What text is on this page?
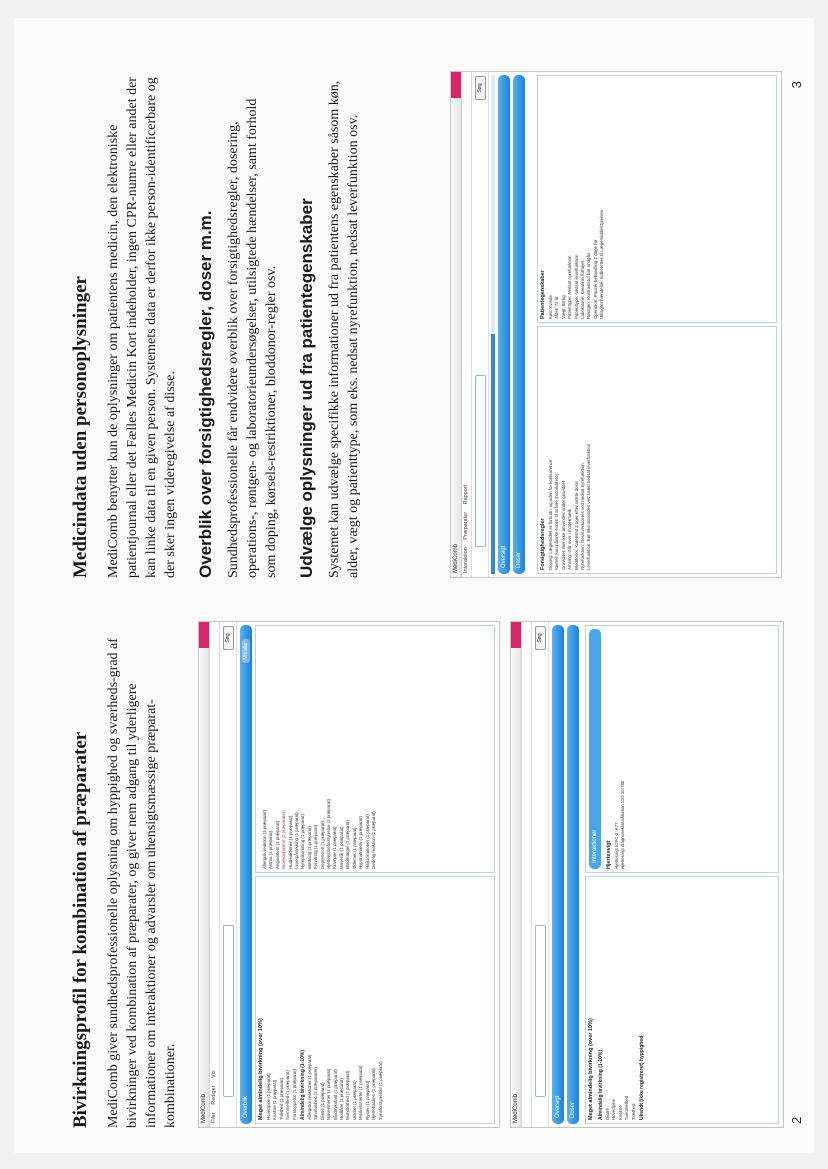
Bivirkningsprofil for kombination af præparater MediComb giver sundhedsprofessionelle oplysning om hyppighed og sværheds-grad af bivirkninger ved kombination af præparater, og giver nem adgang til yderligere informationer om interaktioner og advarsler om uhensigtsmæssige præparat-kombinationer.	MediComb Filer Rediger Vis
Søg
Overblik
Vis alle
Meget almindelig bivirkning (over 10%) Hovedpine (1 præparat) Kvalme (1 præparat) Træthed (1 præparat) Svimmelhed (1 præparat) Forstoppelse (1 præparat) Almindelig bivirkning (1-10%) Allergiske reaktioner (1 præparat) Søvnløshed (2 præparater) Diarré (1 præparat) Mavesmerter (1 præparat) Blodtryksfald (1 præparat) Hudkløe (1 præparat) Mundtørhed (1 præparat) Udslæt (1 præparat) Muskelsmerter (1 præparat) Rysten (1 præparat) Hjertebanken (1 præparat) Synsforstyrrelser (1 præparat)
Allergisk reaktion (1 præparat) Astma (1 præparat) Angioødem (1 præparat) Bronkospasme (2 præparater) Hudreaktioner (1 præparat) Leverpåvirkning (1 præparat) Nyrepåvirkning (1 præparat) Blødning (1 præparat) Forvirring (1 præparat) Depression (1 præparat) Hjerterytmeforstyrrelse (1 præparat) Kramper (1 præparat) Mavesår (1 præparat) Blodmangel (1 præparat) Ødemer (1 præparat) Hyponatriæmi (1 præparat) Hallucinationer (1 præparat) Dødelig reaktion (1 præparat)
MediComb

Søg
Oversigt	Doser	Meget almindelig bivirkning (over 10%) Almindelig bivirkning (1-10%) Diarré Hovedpine Kvalme Svimmelhed Træthed Ukendt (ikke registreret) hyppighed
Interaktioner	Hjertesvigt Hjertesvigt ICPC-2: K77 Hjertesvigt diagnoseklassifikation ICD-10: I50
2
Medicindata uden personoplysninger MediComb benytter kun de oplysninger om patientens medicin, den elektroniske patientjournal eller det Fælles Medicin Kort indeholder, ingen CPR-numre eller andet der kan linke data til en given person. Systemets data er derfor ikke person-identificerbare og der sker ingen videregivelse af disse. Overblik over forsigtighedsregler, doser m.m. Sundhedsprofessionelle får endvidere overblik over forsigtighedsregler, dosering, operations-, røntgen- og laboratorieundersøgelser, utilsigtede hændelser, samt forhold som doping, kørsels-restriktioner, bloddonor-regler osv. Udvælge oplysninger ud fra patientegenskaber Systemet kan udvælge specifikke informationer ud fra patientens egenskaber såsom køn, alder, vægt og patienttype, som eks. nedsat nyrefunktion, nedsat leverfunktion osv.	MediComb Interaktion Præparater Rapport
Søg
Oversigt	Doser	Forsigtighedsregler Doping: Lægemidlet er forbudt i og uden for konkurrence Kørsel: Kan påvirke evnen til at føre motorkøretøj Graviditet: Bør ikke anvendes under graviditet Amning: Går over i modermælk Bloddonor: Karenstid 2 uger efter sidste dosis Nyrefunktion: Dosis reduceres ved nedsat nyrefunktion Leverfunktion: Bør ikke anvendes ved svært nedsat leverfunktion
Patientegenskaber Køn: Kvinde Alder: 72 år Vægt: 58 kg Patienttype: Nedsat nyrefunktion Patienttype: Nedsat leverfunktion Laboratorie: Kreatinin forhøjet Røntgen: Kontraststof bør undgås Operation: Pausér behandling 2 dage før Utilsigtet hændelse: Indberettes til Lægemiddelstyrelsen
3
